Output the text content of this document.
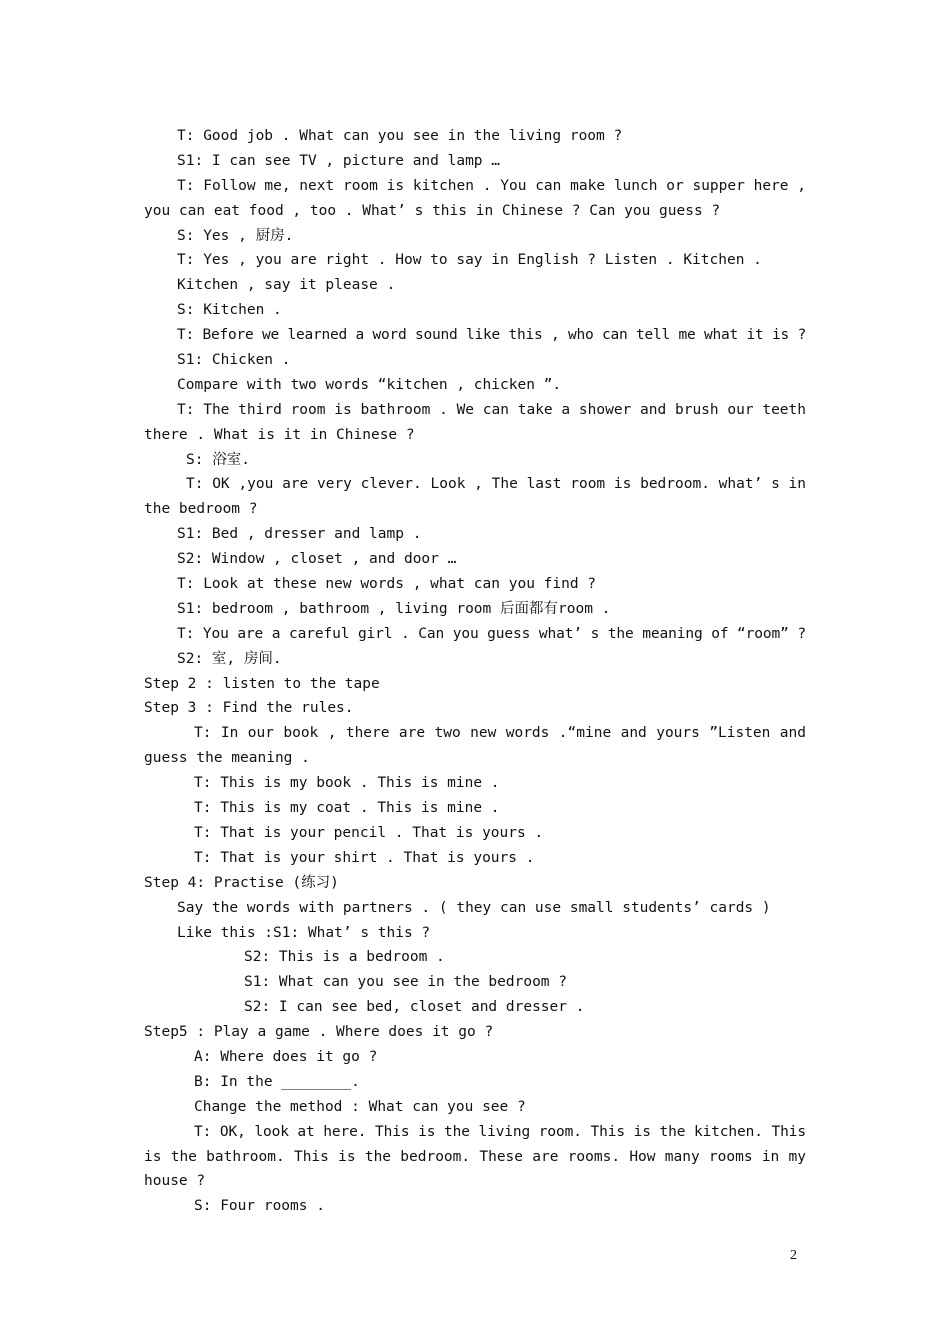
T: Good job . What can you see in the living room ?
S1: I can see TV , picture and lamp …
T: Follow me, next room is kitchen . You can make lunch or supper here ,
you can eat food , too . What’ s this in Chinese ? Can you guess ?
S: Yes , 厨房.
T: Yes , you are right . How to say in English ? Listen . Kitchen .
Kitchen , say it please .
S: Kitchen .
T: Before we learned a word sound like this , who can tell me what it is ?
S1: Chicken .
Compare with two words “kitchen , chicken ”.
T: The third room is bathroom . We can take a shower and brush our teeth
there . What is it in Chinese ?
S: 浴室.
T: OK ,you are very clever. Look , The last room is bedroom. what’ s in
the bedroom ?
S1: Bed , dresser and lamp .
S2: Window , closet , and door …
T: Look at these new words , what can you find ?
S1: bedroom , bathroom , living room 后面都有room .
T: You are a careful girl . Can you guess what’ s the meaning of “room” ?
S2: 室, 房间.
Step 2 : listen to the tape
Step 3 : Find the rules.
T: In our book , there are two new words .“mine and yours ”Listen and
guess the meaning .
T: This is my book . This is mine .
T: This is my coat . This is mine .
T: That is your pencil . That is yours .
T: That is your shirt . That is yours .
Step 4: Practise (练习)
Say the words with partners . ( they can use small students’ cards )
Like this :S1: What’ s this ?
S2: This is a bedroom .
S1: What can you see in the bedroom ?
S2: I can see bed, closet and dresser .
Step5 : Play a game . Where does it go ?
A: Where does it go ?
B: In the ________.
Change the method : What can you see ?
T: OK, look at here. This is the living room. This is the kitchen. This
is the bathroom. This is the bedroom. These are rooms. How many rooms in my
house ?
S: Four rooms .
2
